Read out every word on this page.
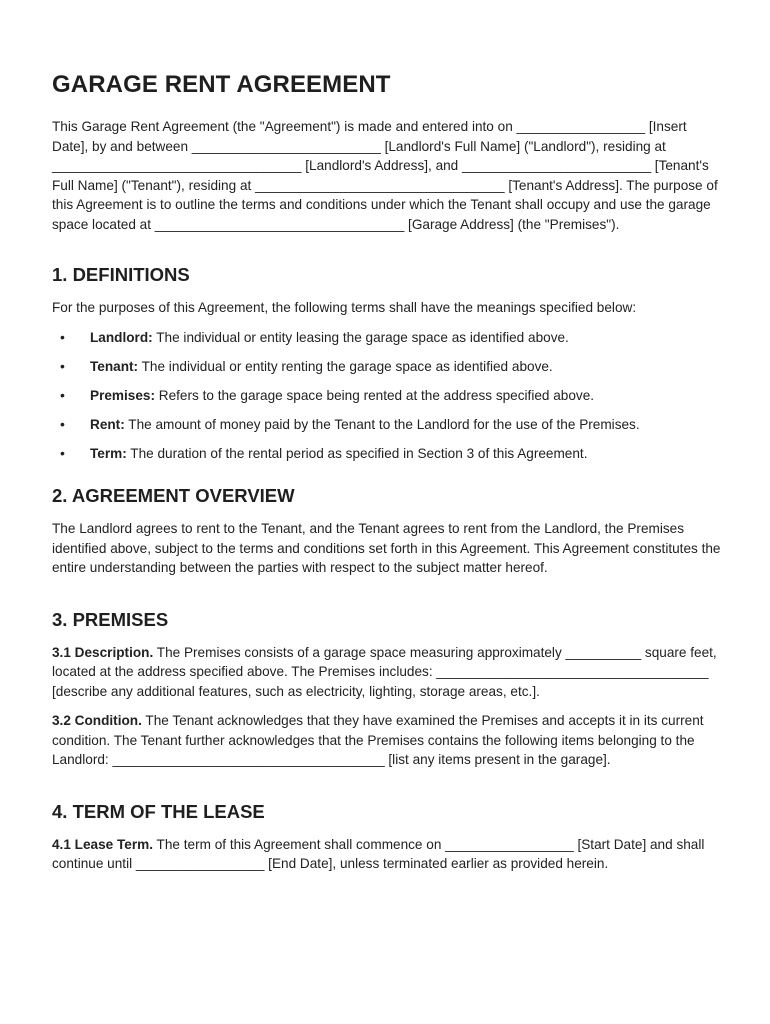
GARAGE RENT AGREEMENT

This Garage Rent Agreement (the "Agreement") is made and entered into on _________________ [Insert Date], by and between _________________________ [Landlord's Full Name] ("Landlord"), residing at _________________________________ [Landlord's Address], and _________________________ [Tenant's Full Name] ("Tenant"), residing at _________________________________ [Tenant's Address]. The purpose of this Agreement is to outline the terms and conditions under which the Tenant shall occupy and use the garage space located at _________________________________ [Garage Address] (the "Premises").

1. DEFINITIONS

For the purposes of this Agreement, the following terms shall have the meanings specified below:

• Landlord: The individual or entity leasing the garage space as identified above.
• Tenant: The individual or entity renting the garage space as identified above.
• Premises: Refers to the garage space being rented at the address specified above.
• Rent: The amount of money paid by the Tenant to the Landlord for the use of the Premises.
• Term: The duration of the rental period as specified in Section 3 of this Agreement.
2. AGREEMENT OVERVIEW

The Landlord agrees to rent to the Tenant, and the Tenant agrees to rent from the Landlord, the Premises identified above, subject to the terms and conditions set forth in this Agreement. This Agreement constitutes the entire understanding between the parties with respect to the subject matter hereof.

3. PREMISES

3.1 Description. The Premises consists of a garage space measuring approximately __________ square feet, located at the address specified above. The Premises includes: ____________________________________ [describe any additional features, such as electricity, lighting, storage areas, etc.].

3.2 Condition. The Tenant acknowledges that they have examined the Premises and accepts it in its current condition. The Tenant further acknowledges that the Premises contains the following items belonging to the Landlord: ____________________________________ [list any items present in the garage].

4. TERM OF THE LEASE

4.1 Lease Term. The term of this Agreement shall commence on _________________ [Start Date] and shall continue until _________________ [End Date], unless terminated earlier as provided herein.
